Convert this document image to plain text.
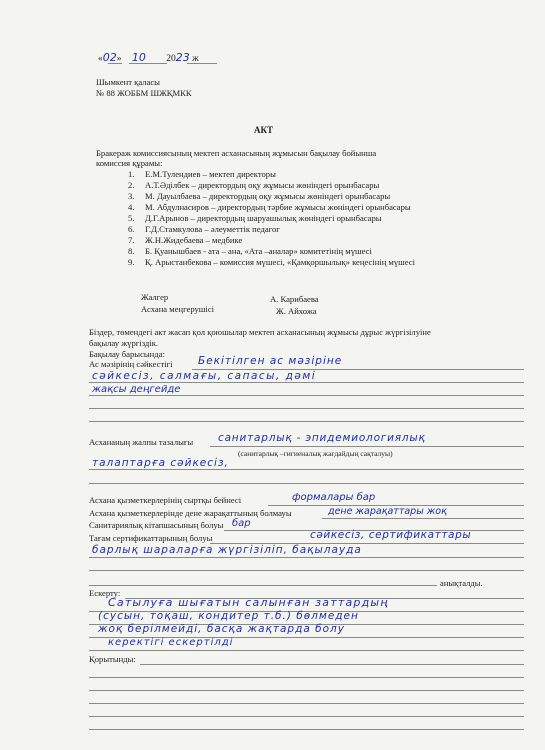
«02» 10 2023 ж
Шымкент қаласы
№ 88 ЖОББМ ШЖҚМКК
АКТ
Бракераж комиссиясының мектеп асханасының жұмысын бақылау бойынша
комиссия құрамы:
1. Е.М.Тулендиев – мектеп директоры
2. А.Т.Әділбек – директордың оқу жұмысы жөніндегі орынбасары
3. М. Дауылбаева – директордың оқу жұмысы жөніндегі орынбасары
4. М. Абдулнасиров – директордың тәрбие жұмысы жөніндегі орынбасары
5. Д.Г.Арынов – директордың шаруашылық жөніндегі орынбасары
6. Г.Д.Стамкулова – әлеуметтік педагог
7. Ж.Н.Жидебаева – медбике
8. Б. Қуанышбаев - ата – ана, «Ата –аналар» комитетінің мүшесі
9. Қ. Арыстанбекова – комиссия мүшесі, «Қамқоршылық» кеңесінің мүшесі
Жалгер
Асхана меңгерушісі
А. Карибаева
Ж. Айхожа
Біздер, төмендегі акт жасап қол қоюшылар мектеп асханасының жұмысы дұрыс жүргізілуіне
бақылау жүргіздік.
Бақылау барысында:
Ас мәзірінің сәйкестігі Бекітілген ас мәзіріне
сәйкесіз, салмағы, сапасы, дәмі
жақсы деңгейде
Асхананың жалпы тазалығы санитарлық - эпидемиологиялық
(санитарлық –гигиеналық жағдайдың сақталуы)
талаптарға сәйкесіз,
Асхана қызметкерлерінің сыртқы бейнесі	формалары бар
Асхана қызметкерлерінде дене жарақаттының болмауы	дене жарақаттары жоқ
Санитариялық кітапшасының болуы бар
Тағам сертификаттарының болуы	сәйкесіз, сертификаттары
барлық шараларға жүргізіліп, бақылауда
анықталды.
Ескерту:
Сатылуға шығатын салынған заттардың
(сусын, тоқаш, кондитер т.б.) бөлмеден
жоқ берілмейді, басқа жақтарда болу
керектігі ескертілді
Қорытынды:
